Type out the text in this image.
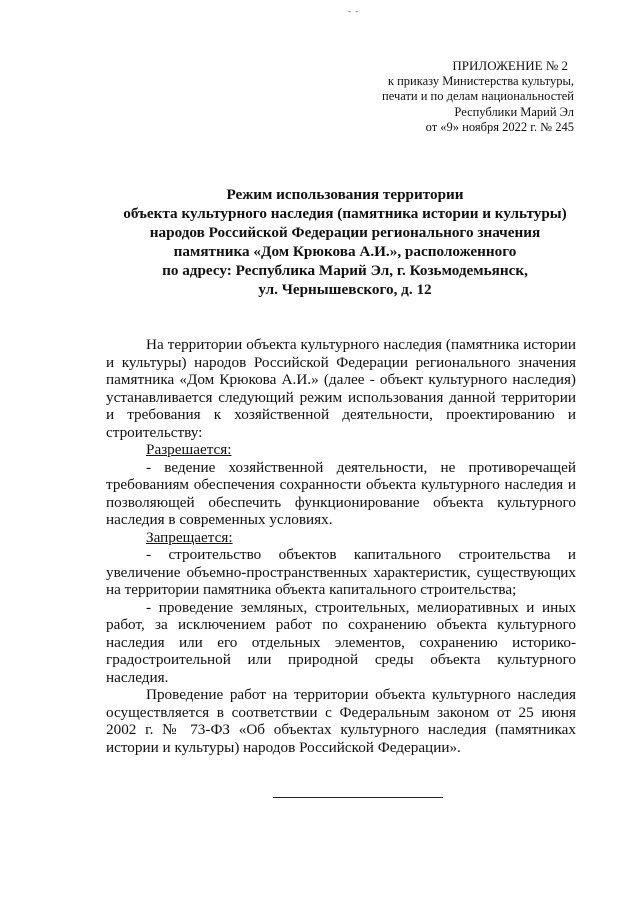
- -
ПРИЛОЖЕНИЕ № 2
к приказу Министерства культуры,
печати и по делам национальностей
Республики Марий Эл
от «9» ноября 2022 г. № 245
Режим использования территории
объекта культурного наследия (памятника истории и культуры)
народов Российской Федерации регионального значения
памятника «Дом Крюкова А.И.», расположенного
по адресу: Республика Марий Эл, г. Козьмодемьянск,
ул. Чернышевского, д. 12

На территории объекта культурного наследия (памятника истории и культуры) народов Российской Федерации регионального значения памятника «Дом Крюкова А.И.» (далее - объект культурного наследия) устанавливается следующий режим использования данной территории и требования к хозяйственной деятельности, проектированию и строительству:

Разрешается:

- ведение хозяйственной деятельности, не противоречащей требованиям обеспечения сохранности объекта культурного наследия и позволяющей обеспечить функционирование объекта культурного наследия в современных условиях.

Запрещается:

- строительство объектов капитального строительства и увеличение объемно-пространственных характеристик, существующих на территории памятника объекта капитального строительства;

- проведение земляных, строительных, мелиоративных и иных работ, за исключением работ по сохранению объекта культурного наследия или его отдельных элементов, сохранению историко-градостроительной или природной среды объекта культурного наследия.

Проведение работ на территории объекта культурного наследия осуществляется в соответствии с Федеральным законом от 25 июня 2002 г. № 73-ФЗ «Об объектах культурного наследия (памятниках истории и культуры) народов Российской Федерации».
